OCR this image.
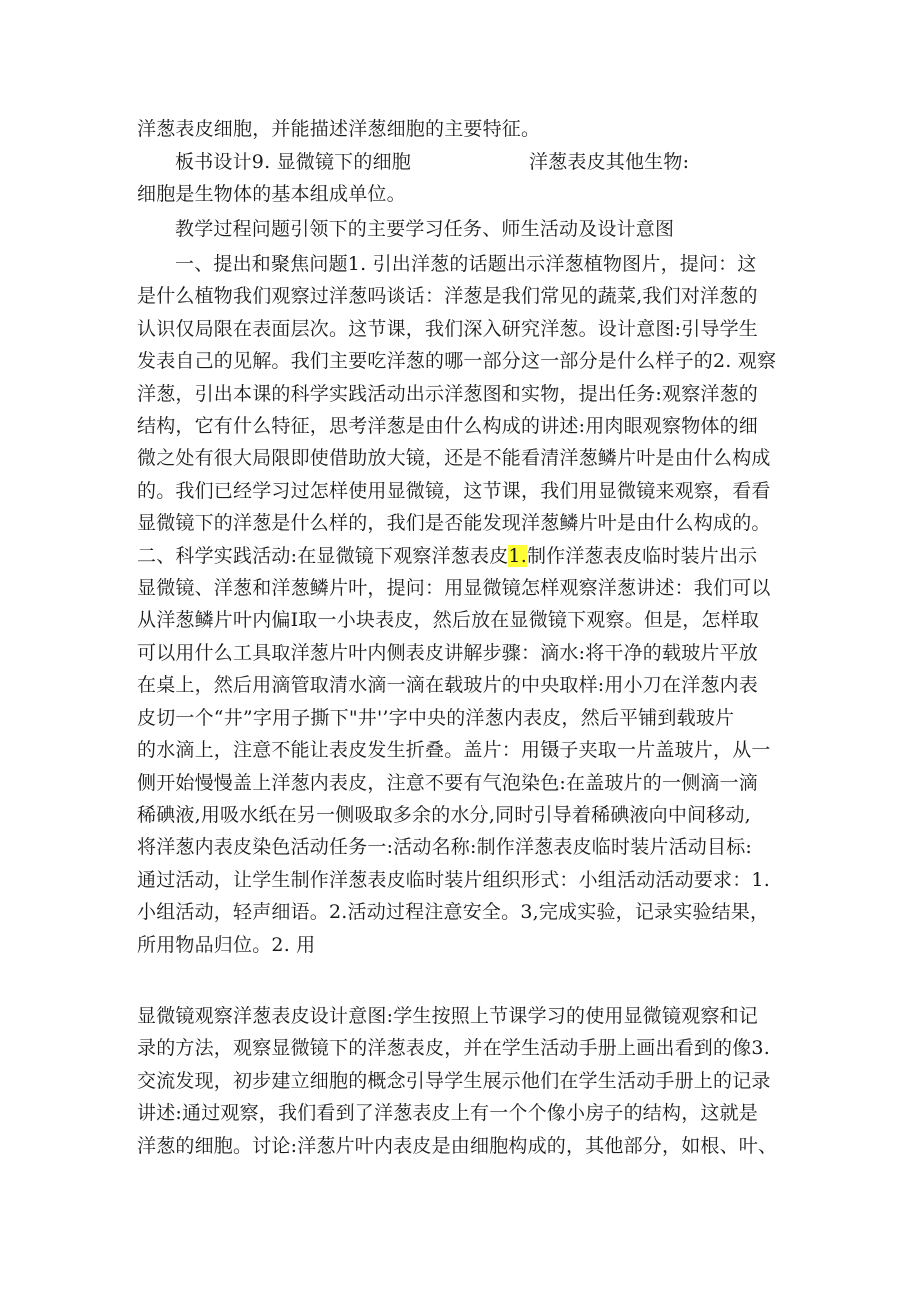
洋葱表皮细胞，并能描述洋葱细胞的主要特征。
板书设计9. 显微镜下的细胞	洋葱表皮其他生物:
细胞是生物体的基本组成单位。
教学过程问题引领下的主要学习任务、师生活动及设计意图
一、提出和聚焦问题1. 引出洋葱的话题出示洋葱植物图片，提问：这
是什么植物我们观察过洋葱吗谈话：洋葱是我们常见的蔬菜,我们对洋葱的
认识仅局限在表面层次。这节课，我们深入研究洋葱。设计意图:引导学生
发表自己的见解。我们主要吃洋葱的哪一部分这一部分是什么样子的2. 观察
洋葱，引出本课的科学实践活动出示洋葱图和实物，提出任务:观察洋葱的
结构，它有什么特征，思考洋葱是由什么构成的讲述:用肉眼观察物体的细
微之处有很大局限即使借助放大镜，还是不能看清洋葱鳞片叶是由什么构成
的。我们已经学习过怎样使用显微镜，这节课，我们用显微镜来观察，看看
显微镜下的洋葱是什么样的，我们是否能发现洋葱鳞片叶是由什么构成的。
二、科学实践活动:在显微镜下观察洋葱表皮1.制作洋葱表皮临时装片出示
显微镜、洋葱和洋葱鳞片叶，提问：用显微镜怎样观察洋葱讲述：我们可以
从洋葱鳞片叶内偏I取一小块表皮，然后放在显微镜下观察。但是，怎样取
可以用什么工具取洋葱片叶内侧表皮讲解步骤：滴水:将干净的载玻片平放
在桌上，然后用滴管取清水滴一滴在载玻片的中央取样:用小刀在洋葱内表
皮切一个“井”字用子撕下"井'’字中央的洋葱内表皮，然后平铺到载玻片
的水滴上，注意不能让表皮发生折叠。盖片：用镊子夹取一片盖玻片，从一
侧开始慢慢盖上洋葱内表皮，注意不要有气泡染色:在盖玻片的一侧滴一滴
稀碘液,用吸水纸在另一侧吸取多余的水分,同时引导着稀碘液向中间移动,
将洋葱内表皮染色活动任务一:活动名称:制作洋葱表皮临时装片活动目标:
通过活动，让学生制作洋葱表皮临时装片组织形式：小组活动活动要求：1.
小组活动，轻声细语。2.活动过程注意安全。3,完成实验，记录实验结果，
所用物品归位。2. 用
显微镜观察洋葱表皮设计意图:学生按照上节课学习的使用显微镜观察和记
录的方法，观察显微镜下的洋葱表皮，并在学生活动手册上画出看到的像3.
交流发现，初步建立细胞的概念引导学生展示他们在学生活动手册上的记录
讲述:通过观察，我们看到了洋葱表皮上有一个个像小房子的结构，这就是
洋葱的细胞。讨论:洋葱片叶内表皮是由细胞构成的，其他部分，如根、叶、
